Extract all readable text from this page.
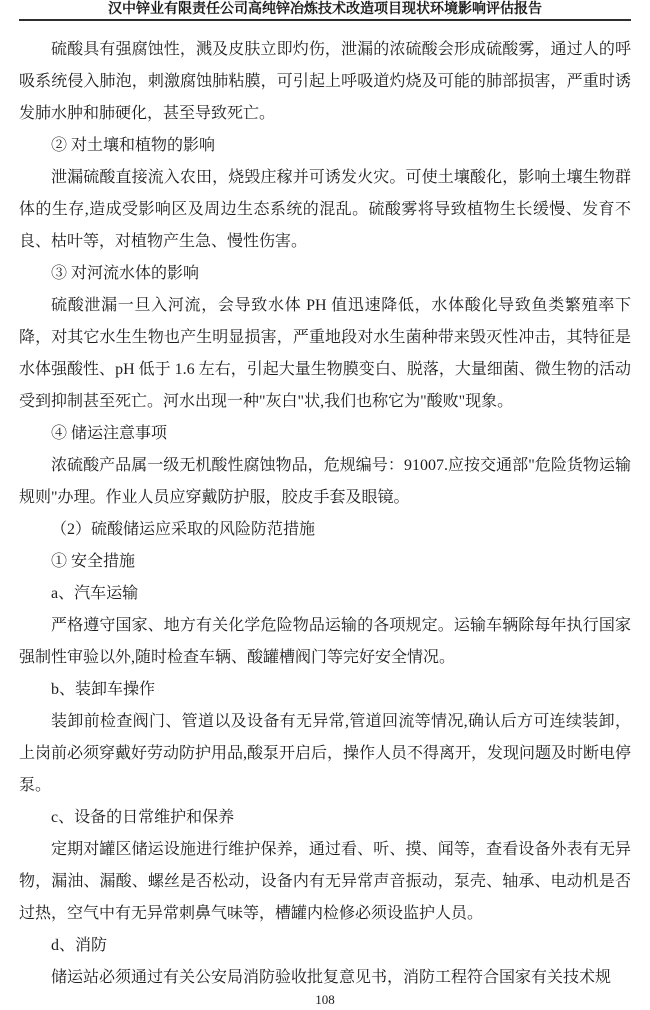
汉中锌业有限责任公司高纯锌冶炼技术改造项目现状环境影响评估报告

硫酸具有强腐蚀性，溅及皮肤立即灼伤，泄漏的浓硫酸会形成硫酸雾，通过人的呼吸系统侵入肺泡，刺激腐蚀肺粘膜，可引起上呼吸道灼烧及可能的肺部损害，严重时诱发肺水肿和肺硬化，甚至导致死亡。

② 对土壤和植物的影响

泄漏硫酸直接流入农田，烧毁庄稼并可诱发火灾。可使土壤酸化，影响土壤生物群体的生存,造成受影响区及周边生态系统的混乱。硫酸雾将导致植物生长缓慢、发育不良、枯叶等，对植物产生急、慢性伤害。

③ 对河流水体的影响

硫酸泄漏一旦入河流，会导致水体 PH 值迅速降低，水体酸化导致鱼类繁殖率下降，对其它水生生物也产生明显损害，严重地段对水生菌种带来毁灭性冲击，其特征是水体强酸性、pH 低于 1.6 左右，引起大量生物膜变白、脱落，大量细菌、微生物的活动受到抑制甚至死亡。河水出现一种"灰白"状,我们也称它为"酸败"现象。

④ 储运注意事项

浓硫酸产品属一级无机酸性腐蚀物品，危规编号：91007.应按交通部"危险货物运输规则"办理。作业人员应穿戴防护服，胶皮手套及眼镜。

（2）硫酸储运应采取的风险防范措施

① 安全措施

a、汽车运输

严格遵守国家、地方有关化学危险物品运输的各项规定。运输车辆除每年执行国家强制性审验以外,随时检查车辆、酸罐槽阀门等完好安全情况。

b、装卸车操作

装卸前检查阀门、管道以及设备有无异常,管道回流等情况,确认后方可连续装卸，上岗前必须穿戴好劳动防护用品,酸泵开启后，操作人员不得离开，发现问题及时断电停泵。

c、设备的日常维护和保养

定期对罐区储运设施进行维护保养，通过看、听、摸、闻等，查看设备外表有无异物，漏油、漏酸、螺丝是否松动，设备内有无异常声音振动，泵壳、轴承、电动机是否过热，空气中有无异常刺鼻气味等，槽罐内检修必须设监护人员。

d、消防

储运站必须通过有关公安局消防验收批复意见书，消防工程符合国家有关技术规

108
